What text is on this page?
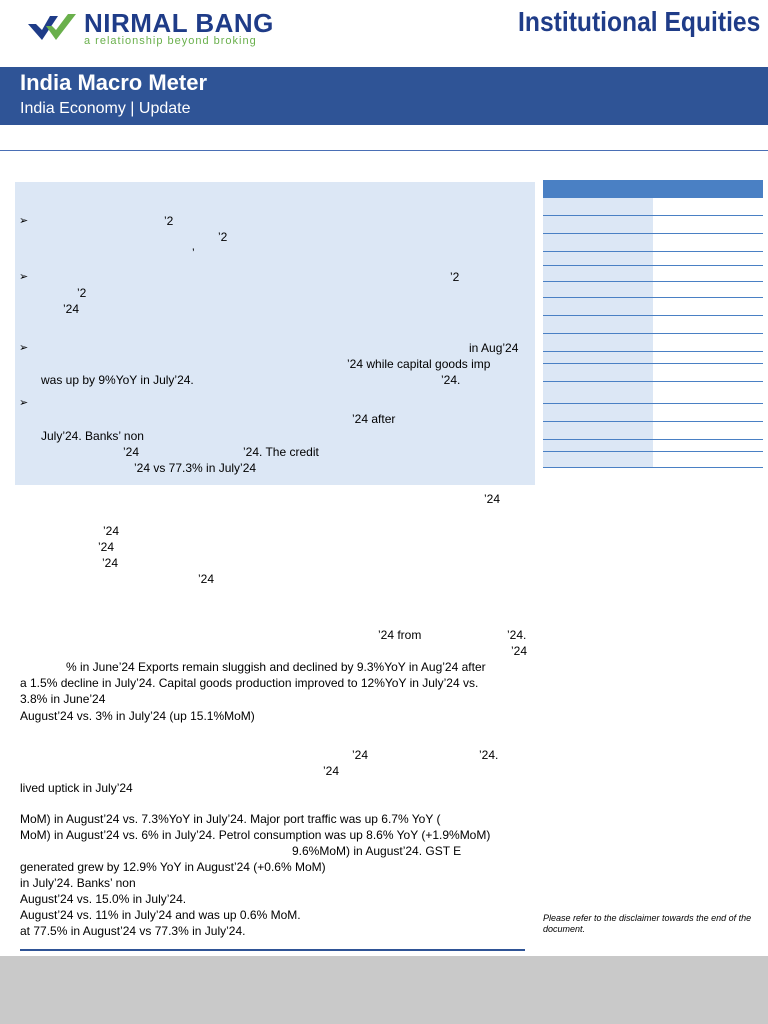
NIRMAL BANG
a relationship beyond broking
Institutional Equities
India Macro Meter
India Economy | Update
➢
➢
➢
➢
’2
’2
’
’2
’2
’24
in Aug’24
’24 while capital goods imp
was up by 9%YoY in July’24.	’24.
’24 after
July’24. Banks’ non
’24	’24. The credit
’24 vs 77.3% in July’24
’24
’24
’24
’24
’24
’24 from	’24.
’24
% in June’24 Exports remain sluggish and declined by 9.3%YoY in Aug’24 after
a 1.5% decline in July’24. Capital goods production improved to 12%YoY in July’24 vs.
3.8% in June’24
August’24 vs. 3% in July’24 (up 15.1%MoM)
’24	’24.
’24
lived uptick in July’24
MoM) in August’24 vs. 7.3%YoY in July’24. Major port traffic was up 6.7% YoY (
MoM) in August’24 vs. 6% in July’24. Petrol consumption was up 8.6% YoY (+1.9%MoM)
9.6%MoM) in August’24. GST E
generated grew by 12.9% YoY in August’24 (+0.6% MoM)
in July’24. Banks’ non
August’24 vs. 15.0% in July’24.
August’24 vs. 11% in July’24 and was up 0.6% MoM.
at 77.5% in August’24 vs 77.3% in July’24.
Please refer to the disclaimer towards the end of the document.
